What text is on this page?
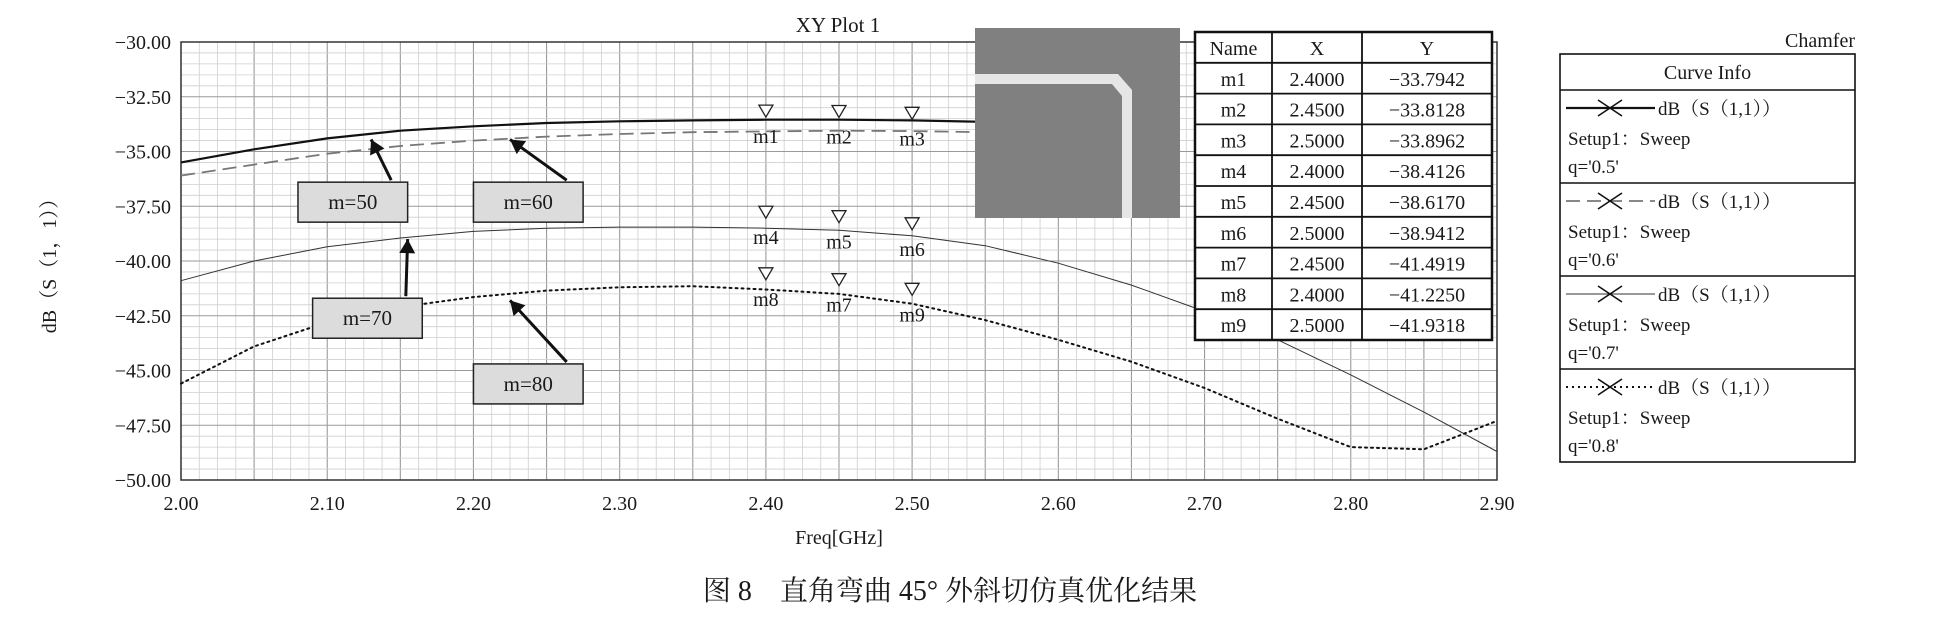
2.00	2.10	2.20	2.30	2.40	2.50	2.60	2.70	2.80	2.90
−30.00
−32.50
−35.00
−37.50
−40.00
−42.50
−45.00
−47.50
−50.00
XY Plot 1
Chamfer
Freq[GHz]
dB（S（1，1））
图 8　直角弯曲 45° 外斜切仿真优化结果
m1 m2 m3
m4 m5 m6
m7
m8
m9
m=50	m=60
m=70
m=80
Name	X	Y
m1 2.4000 −33.7942
m2 2.4500 −33.8128
m3 2.5000 −33.8962
m4 2.4000 −38.4126
m5 2.4500 −38.6170
m6 2.5000 −38.9412
m7 2.4500 −41.4919
m8 2.4000 −41.2250
m9 2.5000 −41.9318
Curve Info
dB（S（1,1））
Setup1：Sweep
q='0.5'
dB（S（1,1））
Setup1：Sweep
q='0.6'
dB（S（1,1））
Setup1：Sweep
q='0.7'
dB（S（1,1））
Setup1：Sweep
q='0.8'
